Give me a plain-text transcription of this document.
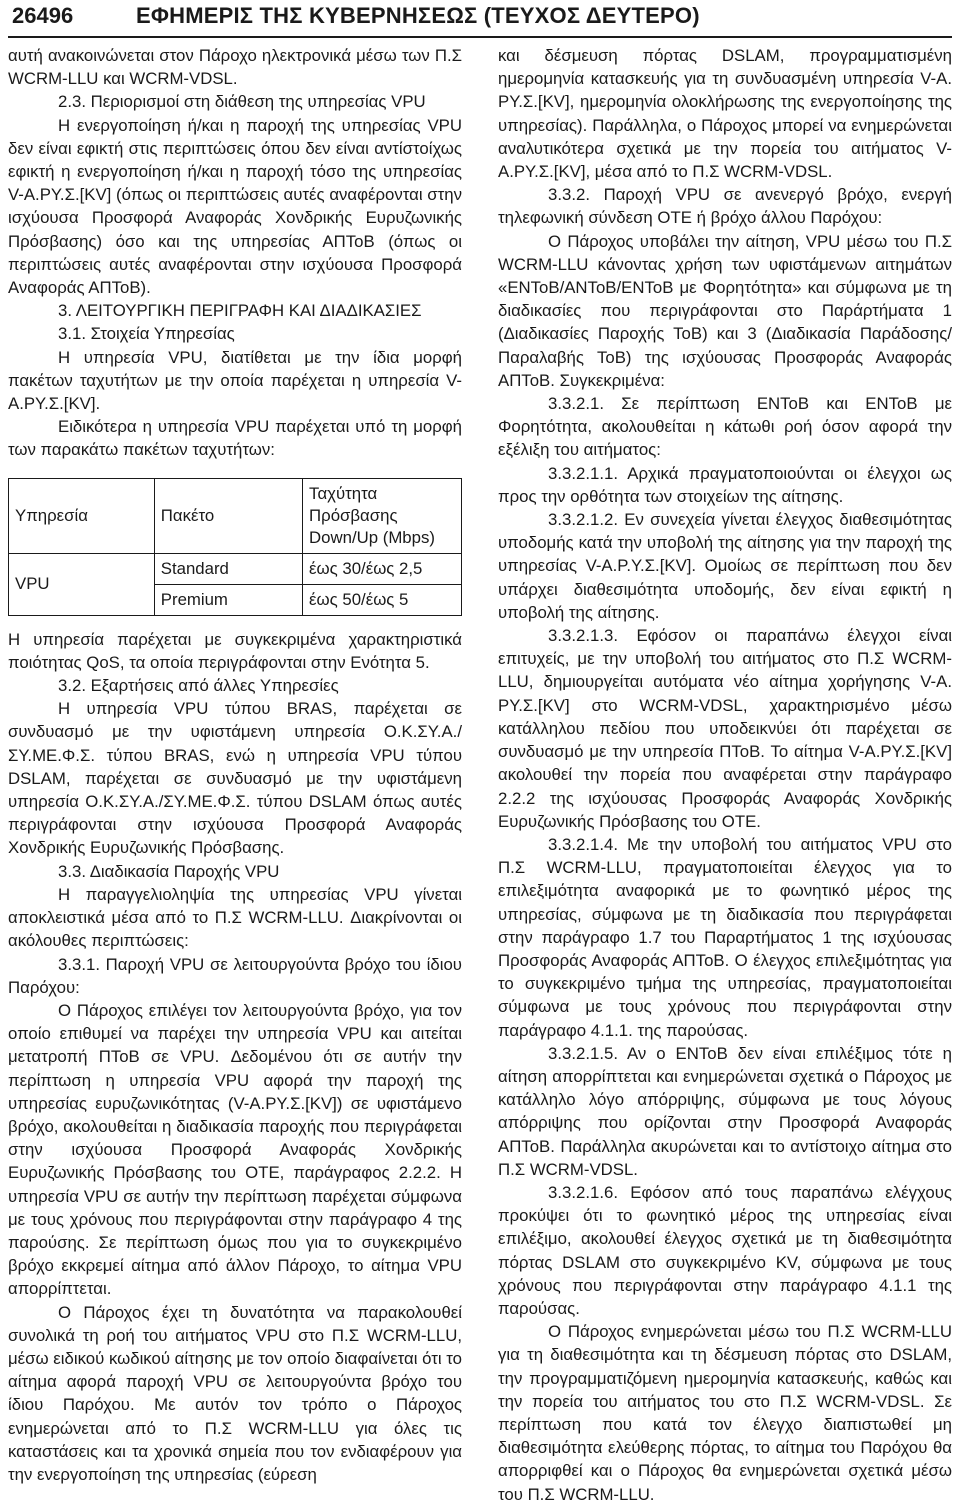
26496	ΕΦΗΜΕΡΙΣ ΤΗΣ ΚΥΒΕΡΝΗΣΕΩΣ (ΤΕΥΧΟΣ ΔΕΥΤΕΡΟ)

αυτή ανακοινώνεται στον Πάροχο ηλεκτρονικά μέσω των Π.Σ WCRM-LLU και WCRM-VDSL.

2.3. Περιορισμοί στη διάθεση της υπηρεσίας VPU

Η ενεργοποίηση ή/και η παροχή της υπηρεσίας VPU δεν είναι εφικτή στις περιπτώσεις όπου δεν είναι αντίστοίχως εφικτή η ενεργοποίηση ή/και η παροχή τόσο της υπηρεσίας V-A.PY.Σ.[KV] (όπως οι περιπτώσεις αυτές αναφέρονται στην ισχύουσα Προσφορά Αναφοράς Χονδρικής Ευρυζωνικής Πρόσβασης) όσο και της υπηρεσίας ΑΠΤοΒ (όπως οι περιπτώσεις αυτές αναφέρονται στην ισχύουσα Προσφορά Αναφοράς ΑΠΤοΒ).

3. ΛΕΙΤΟΥΡΓΙΚΗ ΠΕΡΙΓΡΑΦΗ ΚΑΙ ΔΙΑΔΙΚΑΣΙΕΣ

3.1. Στοιχεία Υπηρεσίας

Η υπηρεσία VPU, διατίθεται με την ίδια μορφή πακέτων ταχυτήτων με την οποία παρέχεται η υπηρεσία V-A.PY.Σ.[KV].

Ειδικότερα η υπηρεσία VPU παρέχεται υπό τη μορφή των παρακάτω πακέτων ταχυτήτων:

Υπηρεσία	Πακέτο	Ταχύτητα Πρόσβασης Down/Up (Mbps)
VPU	Standard	έως 30/έως 2,5
	Premium	έως 50/έως 5

Η υπηρεσία παρέχεται με συγκεκριμένα χαρακτηριστικά ποιότητας QoS, τα οποία περιγράφονται στην Ενότητα 5.

3.2. Εξαρτήσεις από άλλες Υπηρεσίες

Η υπηρεσία VPU τύπου BRAS, παρέχεται σε συνδυασμό με την υφιστάμενη υπηρεσία Ο.Κ.ΣΥ.Α./ΣΥ.ΜΕ.Φ.Σ. τύπου BRAS, ενώ η υπηρεσία VPU τύπου DSLAM, παρέχεται σε συνδυασμό με την υφιστάμενη υπηρεσία Ο.Κ.ΣΥ.Α./ΣΥ.ΜΕ.Φ.Σ. τύπου DSLAM όπως αυτές περιγράφονται στην ισχύουσα Προσφορά Αναφοράς Χονδρικής Ευρυζωνικής Πρόσβασης.

3.3. Διαδικασία Παροχής VPU

Η παραγγελιοληψία της υπηρεσίας VPU γίνεται αποκλειστικά μέσα από το Π.Σ WCRM-LLU. Διακρίνονται οι ακόλουθες περιπτώσεις:

3.3.1. Παροχή VPU σε λειτουργούντα βρόχο του ίδιου Παρόχου:

Ο Πάροχος επιλέγει τον λειτουργούντα βρόχο, για τον οποίο επιθυμεί να παρέχει την υπηρεσία VPU και αιτείται μετατροπή ΠΤοΒ σε VPU. Δεδομένου ότι σε αυτήν την περίπτωση η υπηρεσία VPU αφορά την παροχή της υπηρεσίας ευρυζωνικότητας (V-A.PY.Σ.[KV]) σε υφιστάμενο βρόχο, ακολουθείται η διαδικασία παροχής που περιγράφεται στην ισχύουσα Προσφορά Αναφοράς Χονδρικής Ευρυζωνικής Πρόσβασης του ΟΤΕ, παράγραφος 2.2.2. Η υπηρεσία VPU σε αυτήν την περίπτωση παρέχεται σύμφωνα με τους χρόνους που περιγράφονται στην παράγραφο 4 της παρούσης. Σε περίπτωση όμως που για το συγκεκριμένο βρόχο εκκρεμεί αίτημα από άλλον Πάροχο, το αίτημα VPU απορρίπτεται.

Ο Πάροχος έχει τη δυνατότητα να παρακολουθεί συνολικά τη ροή του αιτήματος VPU στο Π.Σ WCRM-LLU, μέσω ειδικού κωδικού αίτησης με τον οποίο διαφαίνεται ότι το αίτημα αφορά παροχή VPU σε λειτουργούντα βρόχο του ίδιου Παρόχου. Με αυτόν τον τρόπο ο Πάροχος ενημερώνεται από το Π.Σ WCRM-LLU για όλες τις καταστάσεις και τα χρονικά σημεία που τον ενδιαφέρουν για την ενεργοποίηση της υπηρεσίας (εύρεση

και δέσμευση πόρτας DSLAM, προγραμματισμένη ημερομηνία κατασκευής για τη συνδυασμένη υπηρεσία V-A. PY.Σ.[KV], ημερομηνία ολοκλήρωσης της ενεργοποίησης της υπηρεσίας). Παράλληλα, ο Πάροχος μπορεί να ενημερώνεται αναλυτικότερα σχετικά με την πορεία του αιτήματος V-A.PY.Σ.[KV], μέσα από το Π.Σ WCRM-VDSL.

3.3.2. Παροχή VPU σε ανενεργό βρόχο, ενεργή τηλεφωνική σύνδεση ΟΤΕ ή βρόχο άλλου Παρόχου:

Ο Πάροχος υποβάλει την αίτηση, VPU μέσω του Π.Σ WCRM-LLU κάνοντας χρήση των υφιστάμενων αιτημάτων «ΕΝΤοΒ/ΑΝΤοΒ/ΕΝΤοΒ με Φορητότητα» και σύμφωνα με τη διαδικασίες που περιγράφονται στο Παράρτήματα 1 (Διαδικασίες Παροχής ΤοΒ) και 3 (Διαδικασία Παράδοσης/Παραλαβής ΤοΒ) της ισχύουσας Προσφοράς Αναφοράς ΑΠΤοΒ. Συγκεκριμένα:

3.3.2.1. Σε περίπτωση ΕΝΤοΒ και ΕΝΤοΒ με Φορητότητα, ακολουθείται η κάτωθι ροή όσον αφορά την εξέλιξη του αιτήματος:

3.3.2.1.1. Αρχικά πραγματοποιούνται οι έλεγχοι ως προς την ορθότητα των στοιχείων της αίτησης.

3.3.2.1.2. Εν συνεχεία γίνεται έλεγχος διαθεσιμότητας υποδομής κατά την υποβολή της αίτησης για την παροχή της υπηρεσίας V-A.P.Y.Σ.[KV]. Ομοίως σε περίπτωση που δεν υπάρχει διαθεσιμότητα υποδομής, δεν είναι εφικτή η υποβολή της αίτησης.

3.3.2.1.3. Εφόσον οι παραπάνω έλεγχοι είναι επιτυχείς, με την υποβολή του αιτήματος στο Π.Σ WCRM-LLU, δημιουργείται αυτόματα νέο αίτημα χορήγησης V-A. PY.Σ.[KV] στο WCRM-VDSL, χαρακτηρισμένο μέσω κατάλληλου πεδίου που υποδεικνύει ότι παρέχεται σε συνδυασμό με την υπηρεσία ΠΤοΒ. Το αίτημα V-A.PY.Σ.[KV] ακολουθεί την πορεία που αναφέρεται στην παράγραφο 2.2.2 της ισχύουσας Προσφοράς Αναφοράς Χονδρικής Ευρυζωνικής Πρόσβασης του ΟΤΕ.

3.3.2.1.4. Με την υποβολή του αιτήματος VPU στο Π.Σ WCRM-LLU, πραγματοποιείται έλεγχος για το επιλεξιμότητα αναφορικά με το φωνητικό μέρος της υπηρεσίας, σύμφωνα με τη διαδικασία που περιγράφεται στην παράγραφο 1.7 του Παραρτήματος 1 της ισχύουσας Προσφοράς Αναφοράς ΑΠΤοΒ. Ο έλεγχος επιλεξιμότητας για το συγκεκριμένο τμήμα της υπηρεσίας, πραγματοποιείται σύμφωνα με τους χρόνους που περιγράφονται στην παράγραφο 4.1.1. της παρούσας.

3.3.2.1.5. Αν ο ΕΝΤοΒ δεν είναι επιλέξιμος τότε η αίτηση απορρίπτεται και ενημερώνεται σχετικά ο Πάροχος με κατάλληλο λόγο απόρριψης, σύμφωνα με τους λόγους απόρριψης που ορίζονται στην Προσφορά Αναφοράς ΑΠΤοΒ. Παράλληλα ακυρώνεται και το αντίστοιχο αίτημα στο Π.Σ WCRM-VDSL.

3.3.2.1.6. Εφόσον από τους παραπάνω ελέγχους προκύψει ότι το φωνητικό μέρος της υπηρεσίας είναι επιλέξιμο, ακολουθεί έλεγχος σχετικά με τη διαθεσιμότητα πόρτας DSLAM στο συγκεκριμένο KV, σύμφωνα με τους χρόνους που περιγράφονται στην παράγραφο 4.1.1 της παρούσας.

Ο Πάροχος ενημερώνεται μέσω του Π.Σ WCRM-LLU για τη διαθεσιμότητα και τη δέσμευση πόρτας στο DSLAM, την προγραμματιζόμενη ημερομηνία κατασκευής, καθώς και την πορεία του αιτήματος του στο Π.Σ WCRM-VDSL. Σε περίπτωση που κατά τον έλεγχο διαπιστωθεί μη διαθεσιμότητα ελεύθερης πόρτας, το αίτημα του Παρόχου θα απορριφθεί και ο Πάροχος θα ενημερώνεται σχετικά μέσω του Π.Σ WCRM-LLU.
